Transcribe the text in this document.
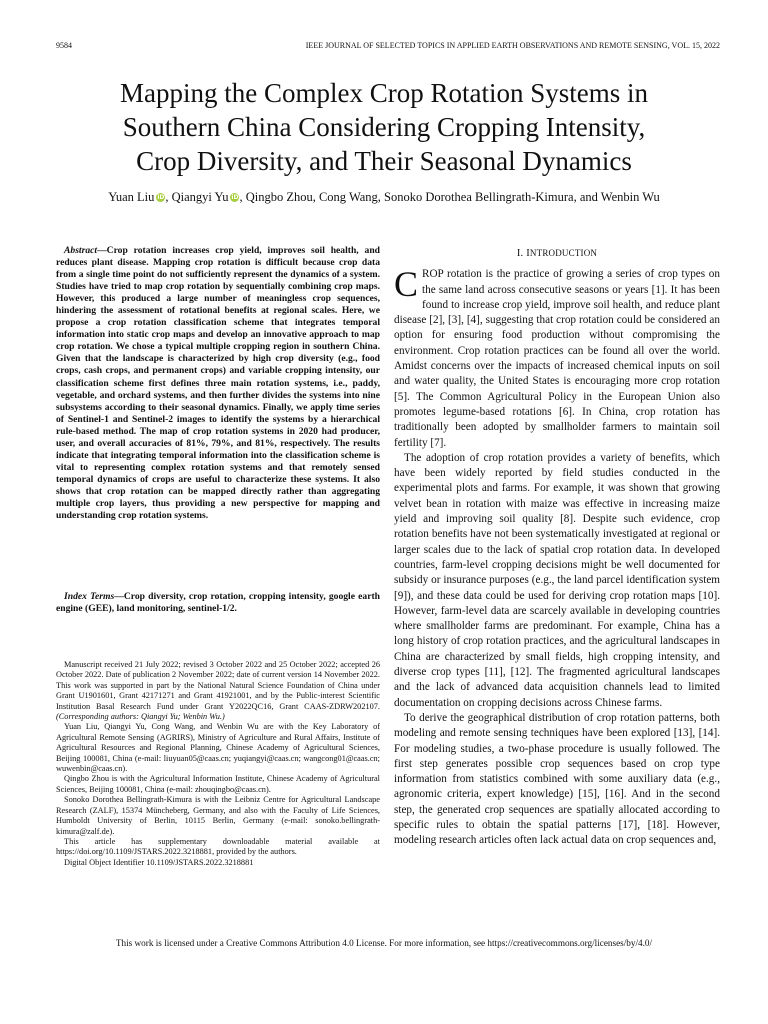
9584	IEEE JOURNAL OF SELECTED TOPICS IN APPLIED EARTH OBSERVATIONS AND REMOTE SENSING, VOL. 15, 2022
Mapping the Complex Crop Rotation Systems in
Southern China Considering Cropping Intensity,
Crop Diversity, and Their Seasonal Dynamics
Yuan Liu iD, Qiangyi Yu iD, Qingbo Zhou, Cong Wang, Sonoko Dorothea Bellingrath-Kimura, and Wenbin Wu

Abstract—Crop rotation increases crop yield, improves soil health, and reduces plant disease. Mapping crop rotation is difficult because crop data from a single time point do not sufficiently represent the dynamics of a system. Studies have tried to map crop rotation by sequentially combining crop maps. However, this produced a large number of meaningless crop sequences, hindering the assessment of rotational benefits at regional scales. Here, we propose a crop rotation classification scheme that integrates temporal information into static crop maps and develop an innovative approach to map crop rotation. We chose a typical multiple cropping region in southern China. Given that the landscape is characterized by high crop diversity (e.g., food crops, cash crops, and permanent crops) and variable cropping intensity, our classification scheme first defines three main rotation systems, i.e., paddy, vegetable, and orchard systems, and then further divides the systems into nine subsystems according to their seasonal dynamics. Finally, we apply time series of Sentinel-1 and Sentinel-2 images to identify the systems by a hierarchical rule-based method. The map of crop rotation systems in 2020 had producer, user, and overall accuracies of 81%, 79%, and 81%, respectively. The results indicate that integrating temporal information into the classification scheme is vital to representing complex rotation systems and that remotely sensed temporal dynamics of crops are useful to characterize these systems. It also shows that crop rotation can be mapped directly rather than aggregating multiple crop layers, thus providing a new perspective for mapping and understanding crop rotation systems.

Index Terms—Crop diversity, crop rotation, cropping intensity, google earth engine (GEE), land monitoring, sentinel-1/2.

Manuscript received 21 July 2022; revised 3 October 2022 and 25 October 2022; accepted 26 October 2022. Date of publication 2 November 2022; date of current version 14 November 2022. This work was supported in part by the National Natural Science Foundation of China under Grant U1901601, Grant 42171271 and Grant 41921001, and by the Public-interest Scientific Institution Basal Research Fund under Grant Y2022QC16, Grant CAAS-ZDRW202107. (Corresponding authors: Qiangyi Yu; Wenbin Wu.)

Yuan Liu, Qiangyi Yu, Cong Wang, and Wenbin Wu are with the Key Laboratory of Agricultural Remote Sensing (AGRIRS), Ministry of Agriculture and Rural Affairs, Institute of Agricultural Resources and Regional Planning, Chinese Academy of Agricultural Sciences, Beijing 100081, China (e-mail: liuyuan05@caas.cn; yuqiangyi@caas.cn; wangcong01@caas.cn; wuwenbin@caas.cn).

Qingbo Zhou is with the Agricultural Information Institute, Chinese Academy of Agricultural Sciences, Beijing 100081, China (e-mail: zhouqingbo@caas.cn).

Sonoko Dorothea Bellingrath-Kimura is with the Leibniz Centre for Agricultural Landscape Research (ZALF), 15374 Müncheberg, Germany, and also with the Faculty of Life Sciences, Humboldt University of Berlin, 10115 Berlin, Germany (e-mail: sonoko.bellingrath-kimura@zalf.de).

This article has supplementary downloadable material available at https://doi.org/10.1109/JSTARS.2022.3218881, provided by the authors.

Digital Object Identifier 10.1109/JSTARS.2022.3218881

I. INTRODUCTION

CROP rotation is the practice of growing a series of crop types on the same land across consecutive seasons or years [1]. It has been found to increase crop yield, improve soil health, and reduce plant disease [2], [3], [4], suggesting that crop rotation could be considered an option for ensuring food production without compromising the environment. Crop rotation practices can be found all over the world. Amidst concerns over the impacts of increased chemical inputs on soil and water quality, the United States is encouraging more crop rotation [5]. The Common Agricultural Policy in the European Union also promotes legume-based rotations [6]. In China, crop rotation has traditionally been adopted by smallholder farmers to maintain soil fertility [7].

The adoption of crop rotation provides a variety of benefits, which have been widely reported by field studies conducted in the experimental plots and farms. For example, it was shown that growing velvet bean in rotation with maize was effective in increasing maize yield and improving soil quality [8]. Despite such evidence, crop rotation benefits have not been systematically investigated at regional or larger scales due to the lack of spatial crop rotation data. In developed countries, farm-level cropping decisions might be well documented for subsidy or insurance purposes (e.g., the land parcel identification system [9]), and these data could be used for deriving crop rotation maps [10]. However, farm-level data are scarcely available in developing countries where smallholder farms are predominant. For example, China has a long history of crop rotation practices, and the agricultural landscapes in China are characterized by small fields, high cropping intensity, and diverse crop types [11], [12]. The fragmented agricultural landscapes and the lack of advanced data acquisition channels lead to limited documentation on cropping decisions across Chinese farms.

To derive the geographical distribution of crop rotation patterns, both modeling and remote sensing techniques have been explored [13], [14]. For modeling studies, a two-phase procedure is usually followed. The first step generates possible crop sequences based on crop type information from statistics combined with some auxiliary data (e.g., agronomic criteria, expert knowledge) [15], [16]. And in the second step, the generated crop sequences are spatially allocated according to specific rules to obtain the spatial patterns [17], [18]. However, modeling research articles often lack actual data on crop sequences and,

This work is licensed under a Creative Commons Attribution 4.0 License. For more information, see https://creativecommons.org/licenses/by/4.0/
